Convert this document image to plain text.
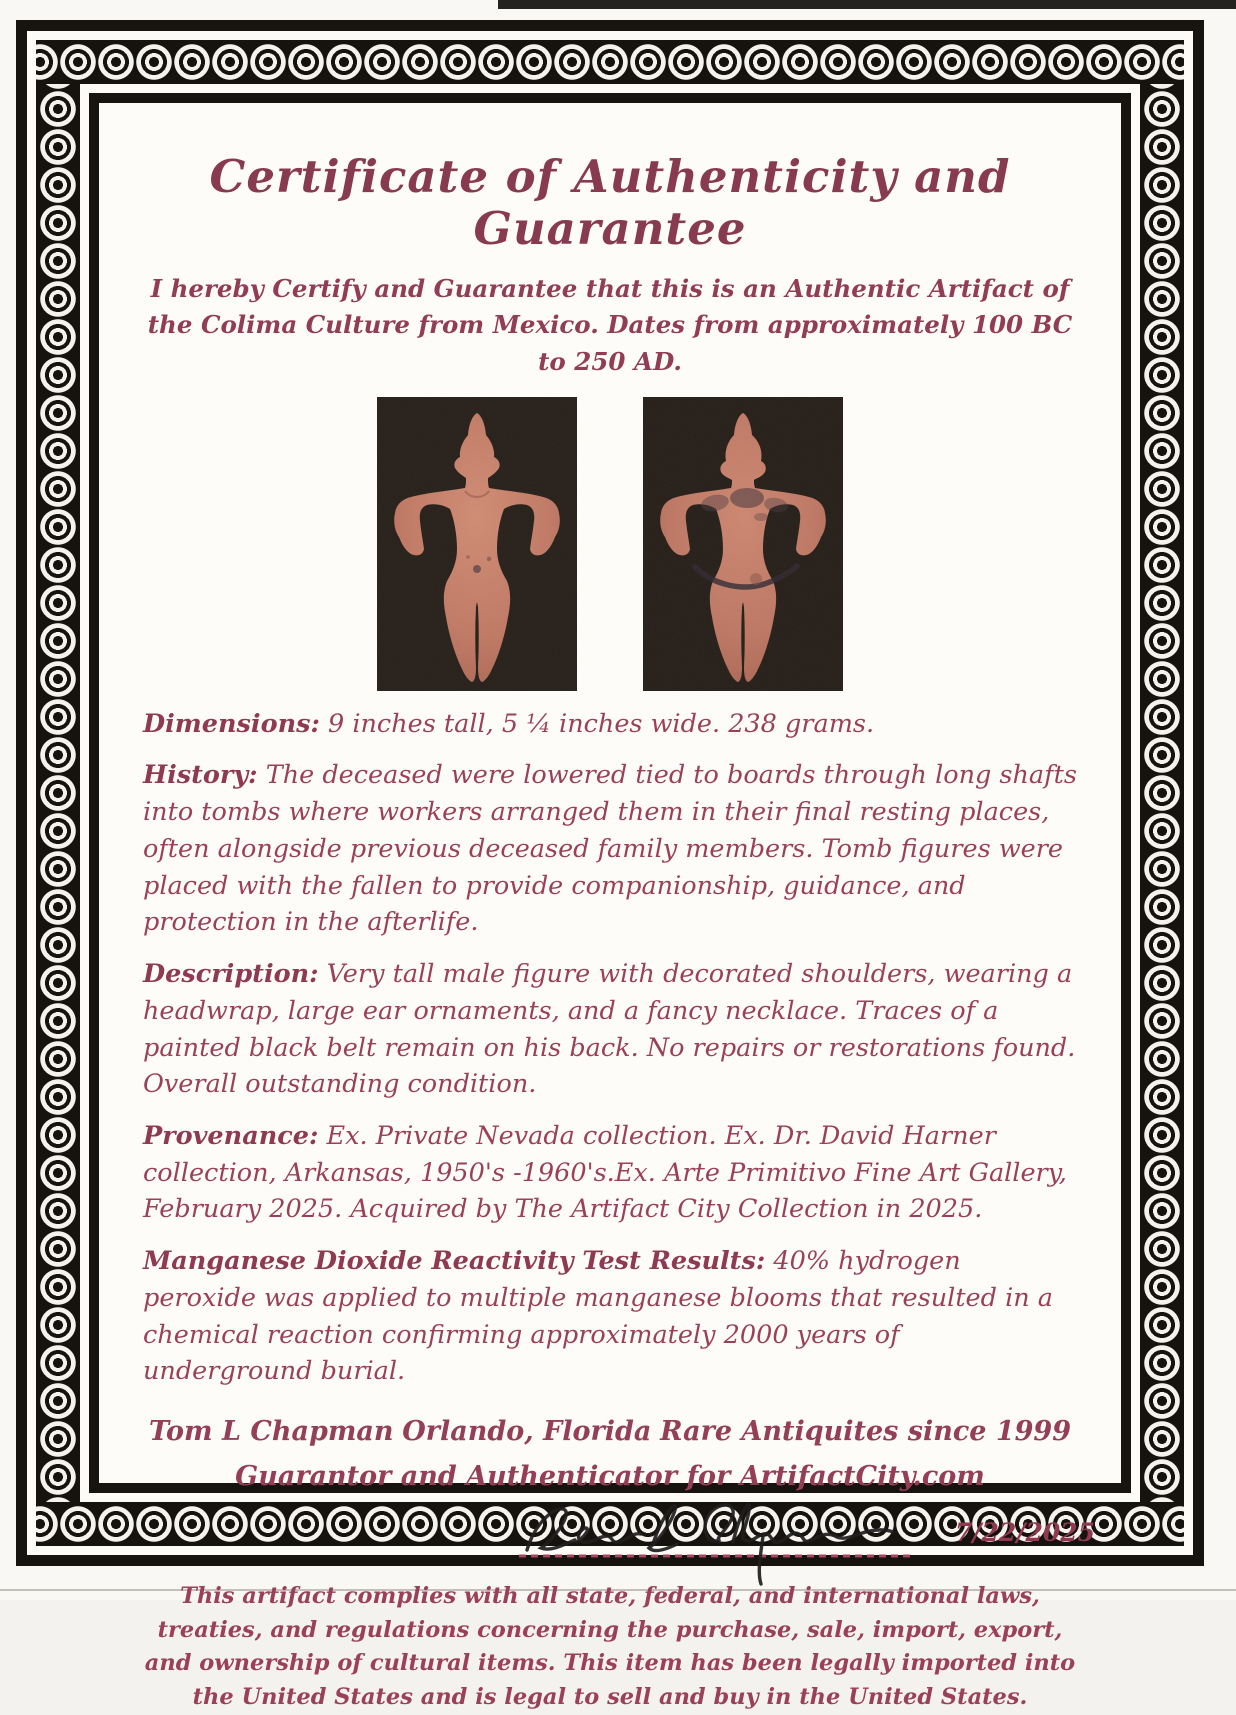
Certificate of Authenticity and Guarantee

I hereby Certify and Guarantee that this is an Authentic Artifact of the Colima Culture from Mexico. Dates from approximately 100 BC to 250 AD.

Dimensions: 9 inches tall, 5 ¼ inches wide. 238 grams.

History: The deceased were lowered tied to boards through long shafts into tombs where workers arranged them in their final resting places, often alongside previous deceased family members. Tomb figures were placed with the fallen to provide companionship, guidance, and protection in the afterlife.

Description: Very tall male figure with decorated shoulders, wearing a headwrap, large ear ornaments, and a fancy necklace. Traces of a painted black belt remain on his back. No repairs or restorations found. Overall outstanding condition.

Provenance: Ex. Private Nevada collection. Ex. Dr. David Harner collection, Arkansas, 1950's -1960's.Ex. Arte Primitivo Fine Art Gallery, February 2025. Acquired by The Artifact City Collection in 2025.

Manganese Dioxide Reactivity Test Results: 40% hydrogen peroxide was applied to multiple manganese blooms that resulted in a chemical reaction confirming approximately 2000 years of underground burial.

Tom L Chapman Orlando, Florida Rare Antiquites since 1999

Guarantor and Authenticator for ArtifactCity.com

7/22/2025

This artifact complies with all state, federal, and international laws, treaties, and regulations concerning the purchase, sale, import, export, and ownership of cultural items. This item has been legally imported into the United States and is legal to sell and buy in the United States.
